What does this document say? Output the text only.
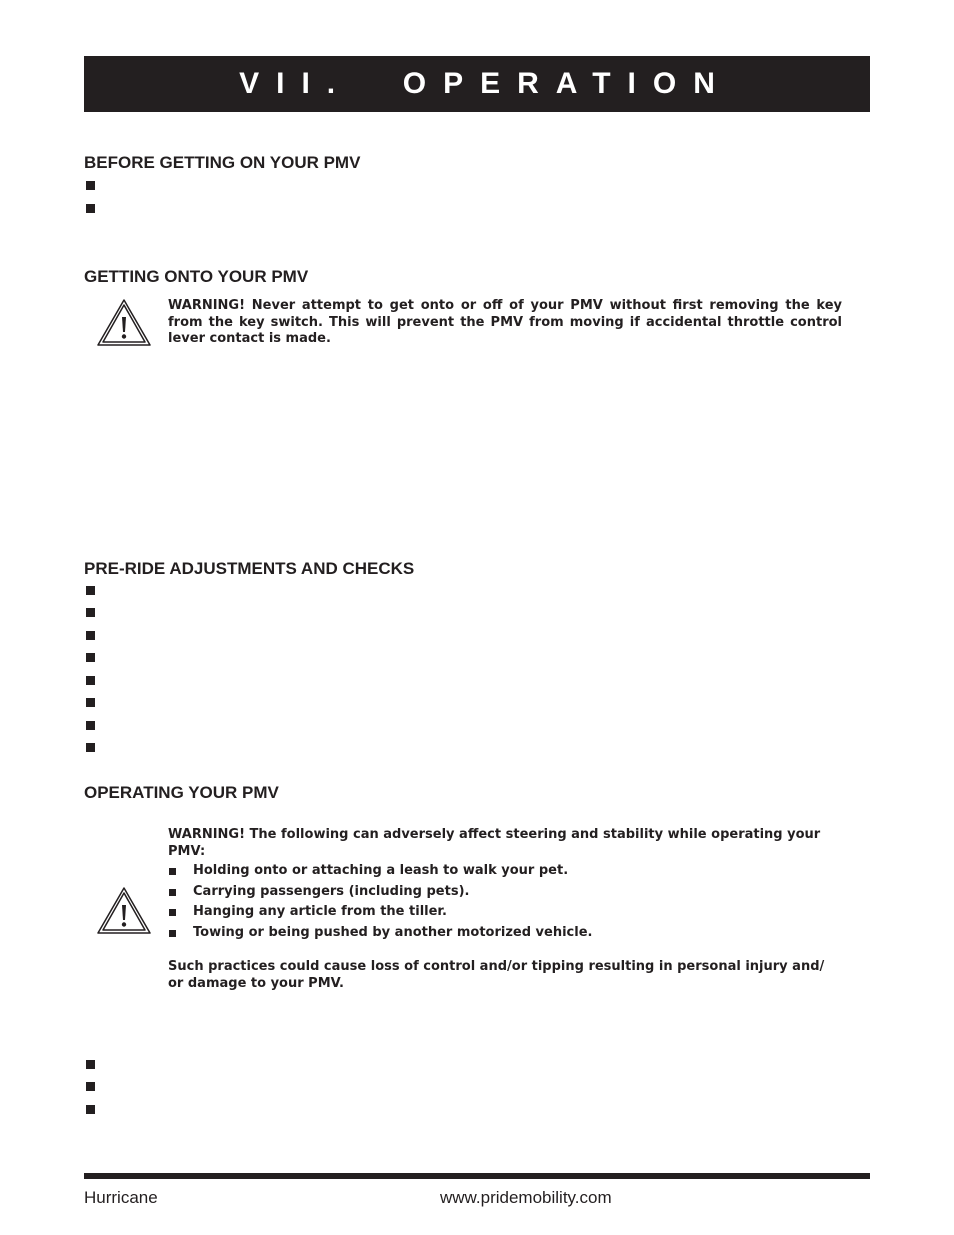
VII.  OPERATION
BEFORE GETTING ON YOUR PMV
GETTING ONTO YOUR PMV

WARNING! Never attempt to get onto or off of your PMV without first removing the key from the key switch. This will prevent the PMV from moving if accidental throttle control lever contact is made.

PRE-RIDE ADJUSTMENTS AND CHECKS
OPERATING YOUR PMV

WARNING! The following can adversely affect steering and stability while operating your PMV:

Holding onto or attaching a leash to walk your pet.
Carrying passengers (including pets).
Hanging any article from the tiller.
Towing or being pushed by another motorized vehicle.

Such practices could cause loss of control and/or tipping resulting in personal injury and/ or damage to your PMV.

Hurricane	www.pridemobility.com
